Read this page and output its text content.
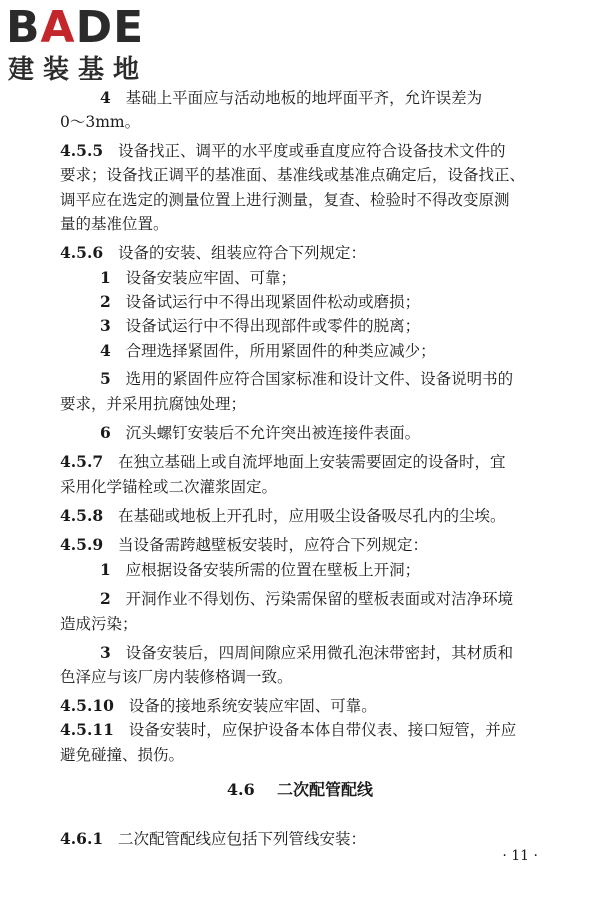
BADE
建装基地
4 基础上平面应与活动地板的地坪面平齐，允许误差为
0～3mm。
4.5.5 设备找正、调平的水平度或垂直度应符合设备技术文件的
要求；设备找正调平的基准面、基准线或基准点确定后，设备找正、
调平应在选定的测量位置上进行测量，复查、检验时不得改变原测
量的基准位置。
4.5.6 设备的安装、组装应符合下列规定：
1 设备安装应牢固、可靠；
2 设备试运行中不得出现紧固件松动或磨损；
3 设备试运行中不得出现部件或零件的脱离；
4 合理选择紧固件，所用紧固件的种类应减少；
5 选用的紧固件应符合国家标准和设计文件、设备说明书的
要求，并采用抗腐蚀处理；
6 沉头螺钉安装后不允许突出被连接件表面。
4.5.7 在独立基础上或自流坪地面上安装需要固定的设备时，宜
采用化学锚栓或二次灌浆固定。
4.5.8 在基础或地板上开孔时，应用吸尘设备吸尽孔内的尘埃。
4.5.9 当设备需跨越壁板安装时，应符合下列规定：
1 应根据设备安装所需的位置在壁板上开洞；
2 开洞作业不得划伤、污染需保留的壁板表面或对洁净环境
造成污染；
3 设备安装后，四周间隙应采用微孔泡沫带密封，其材质和
色泽应与该厂房内装修格调一致。
4.5.10 设备的接地系统安装应牢固、可靠。
4.5.11 设备安装时，应保护设备本体自带仪表、接口短管，并应
避免碰撞、损伤。
4.6.1 二次配管配线应包括下列管线安装：
4.6 二次配管配线
· 11 ·
